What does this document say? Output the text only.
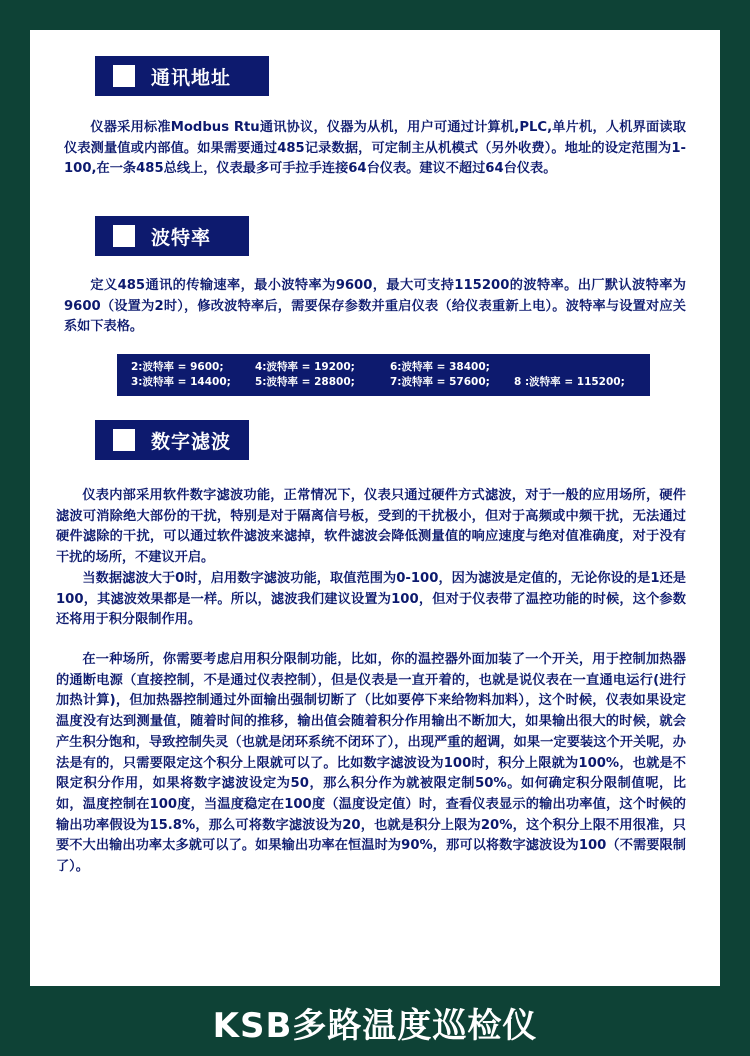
通讯地址

仪器采用标准Modbus Rtu通讯协议，仪器为从机，用户可通过计算机,PLC,单片机，人机界面读取仪表测量值或内部值。如果需要通过485记录数据，可定制主从机模式（另外收费）。地址的设定范围为1-100,在一条485总线上，仪表最多可手拉手连接64台仪表。建议不超过64台仪表。

波特率

定义485通讯的传输速率，最小波特率为9600，最大可支持115200的波特率。出厂默认波特率为9600（设置为2时），修改波特率后，需要保存参数并重启仪表（给仪表重新上电）。波特率与设置对应关系如下表格。

2:波特率 = 9600;	4:波特率 = 19200;	6:波特率 = 38400;
3:波特率 = 14400; 5:波特率 = 28800;	7:波特率 = 57600; 8 :波特率 = 115200;
数字滤波

仪表内部采用软件数字滤波功能，正常情况下，仪表只通过硬件方式滤波，对于一般的应用场所，硬件滤波可消除绝大部份的干扰，特别是对于隔离信号板，受到的干扰极小，但对于高频或中频干扰，无法通过硬件滤除的干扰，可以通过软件滤波来滤掉，软件滤波会降低测量值的响应速度与绝对值准确度，对于没有干扰的场所，不建议开启。

当数据滤波大于0时，启用数字滤波功能，取值范围为0-100，因为滤波是定值的，无论你设的是1还是100，其滤波效果都是一样。所以，滤波我们建议设置为100，但对于仪表带了温控功能的时候，这个参数还将用于积分限制作用。

在一种场所，你需要考虑启用积分限制功能，比如，你的温控器外面加装了一个开关，用于控制加热器的通断电源（直接控制，不是通过仪表控制），但是仪表是一直开着的，也就是说仪表在一直通电运行(进行加热计算)，但加热器控制通过外面输出强制切断了（比如要停下来给物料加料），这个时候，仪表如果设定温度没有达到测量值，随着时间的推移，输出值会随着积分作用输出不断加大，如果输出很大的时候，就会产生积分饱和，导致控制失灵（也就是闭环系统不闭环了），出现严重的超调，如果一定要装这个开关呢，办法是有的，只需要限定这个积分上限就可以了。比如数字滤波设为100时，积分上限就为100%，也就是不限定积分作用，如果将数字滤波设定为50，那么积分作为就被限定制50%。如何确定积分限制值呢，比如，温度控制在100度，当温度稳定在100度（温度设定值）时，查看仪表显示的输出功率值，这个时候的输出功率假设为15.8%，那么可将数字滤波设为20，也就是积分上限为20%，这个积分上限不用很准，只要不大出输出功率太多就可以了。如果输出功率在恒温时为90%，那可以将数字滤波设为100（不需要限制了）。

KSB多路温度巡检仪
